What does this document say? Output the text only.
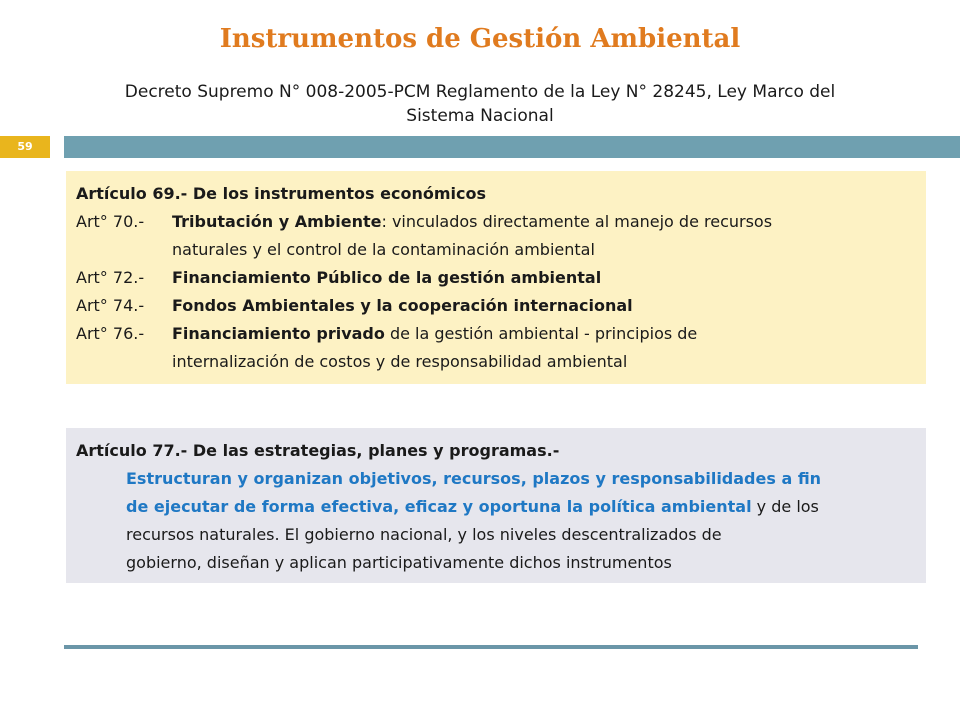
Instrumentos de Gestión Ambiental
Decreto Supremo N° 008-2005-PCM Reglamento de la Ley N° 28245, Ley Marco del
Sistema Nacional
59
Artículo 69.- De los instrumentos económicos
Art° 70.- Tributación y Ambiente: vinculados directamente al manejo de recursos
naturales y el control de la contaminación ambiental
Art° 72.- Financiamiento Público de la gestión ambiental
Art° 74.- Fondos Ambientales y la cooperación internacional
Art° 76.- Financiamiento privado de la gestión ambiental - principios de
internalización de costos y de responsabilidad ambiental
Artículo 77.- De las estrategias, planes y programas.-
Estructuran y organizan objetivos, recursos, plazos y responsabilidades a fin
de ejecutar de forma efectiva, eficaz y oportuna la política ambiental y de los
recursos naturales. El gobierno nacional, y los niveles descentralizados de
gobierno, diseñan y aplican participativamente dichos instrumentos
